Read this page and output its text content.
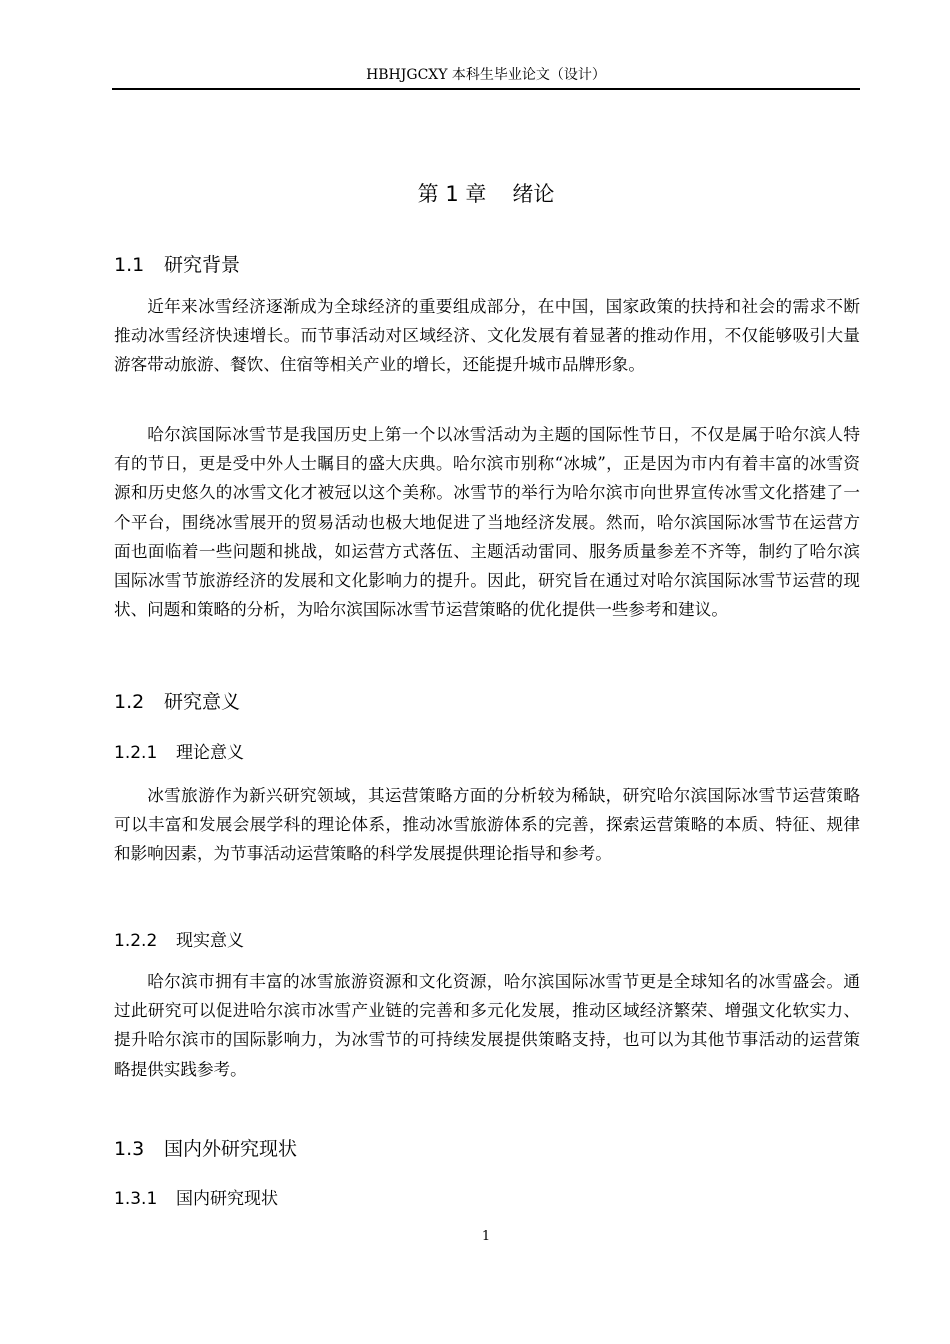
HBHJGCXY 本科生毕业论文（设计）
第 1 章 绪论
1.1 研究背景

近年来冰雪经济逐渐成为全球经济的重要组成部分，在中国，国家政策的扶持和社会的需求不断推动冰雪经济快速增长。而节事活动对区域经济、文化发展有着显著的推动作用，不仅能够吸引大量游客带动旅游、餐饮、住宿等相关产业的增长，还能提升城市品牌形象。

哈尔滨国际冰雪节是我国历史上第一个以冰雪活动为主题的国际性节日，不仅是属于哈尔滨人特有的节日，更是受中外人士瞩目的盛大庆典。哈尔滨市别称“冰城”，正是因为市内有着丰富的冰雪资源和历史悠久的冰雪文化才被冠以这个美称。冰雪节的举行为哈尔滨市向世界宣传冰雪文化搭建了一个平台，围绕冰雪展开的贸易活动也极大地促进了当地经济发展。然而，哈尔滨国际冰雪节在运营方面也面临着一些问题和挑战，如运营方式落伍、主题活动雷同、服务质量参差不齐等，制约了哈尔滨国际冰雪节旅游经济的发展和文化影响力的提升。因此，研究旨在通过对哈尔滨国际冰雪节运营的现状、问题和策略的分析，为哈尔滨国际冰雪节运营策略的优化提供一些参考和建议。

1.2 研究意义
1.2.1 理论意义

冰雪旅游作为新兴研究领域，其运营策略方面的分析较为稀缺，研究哈尔滨国际冰雪节运营策略可以丰富和发展会展学科的理论体系，推动冰雪旅游体系的完善，探索运营策略的本质、特征、规律和影响因素，为节事活动运营策略的科学发展提供理论指导和参考。

1.2.2 现实意义

哈尔滨市拥有丰富的冰雪旅游资源和文化资源，哈尔滨国际冰雪节更是全球知名的冰雪盛会。通过此研究可以促进哈尔滨市冰雪产业链的完善和多元化发展，推动区域经济繁荣、增强文化软实力、提升哈尔滨市的国际影响力，为冰雪节的可持续发展提供策略支持，也可以为其他节事活动的运营策略提供实践参考。

1.3 国内外研究现状
1.3.1 国内研究现状
1
